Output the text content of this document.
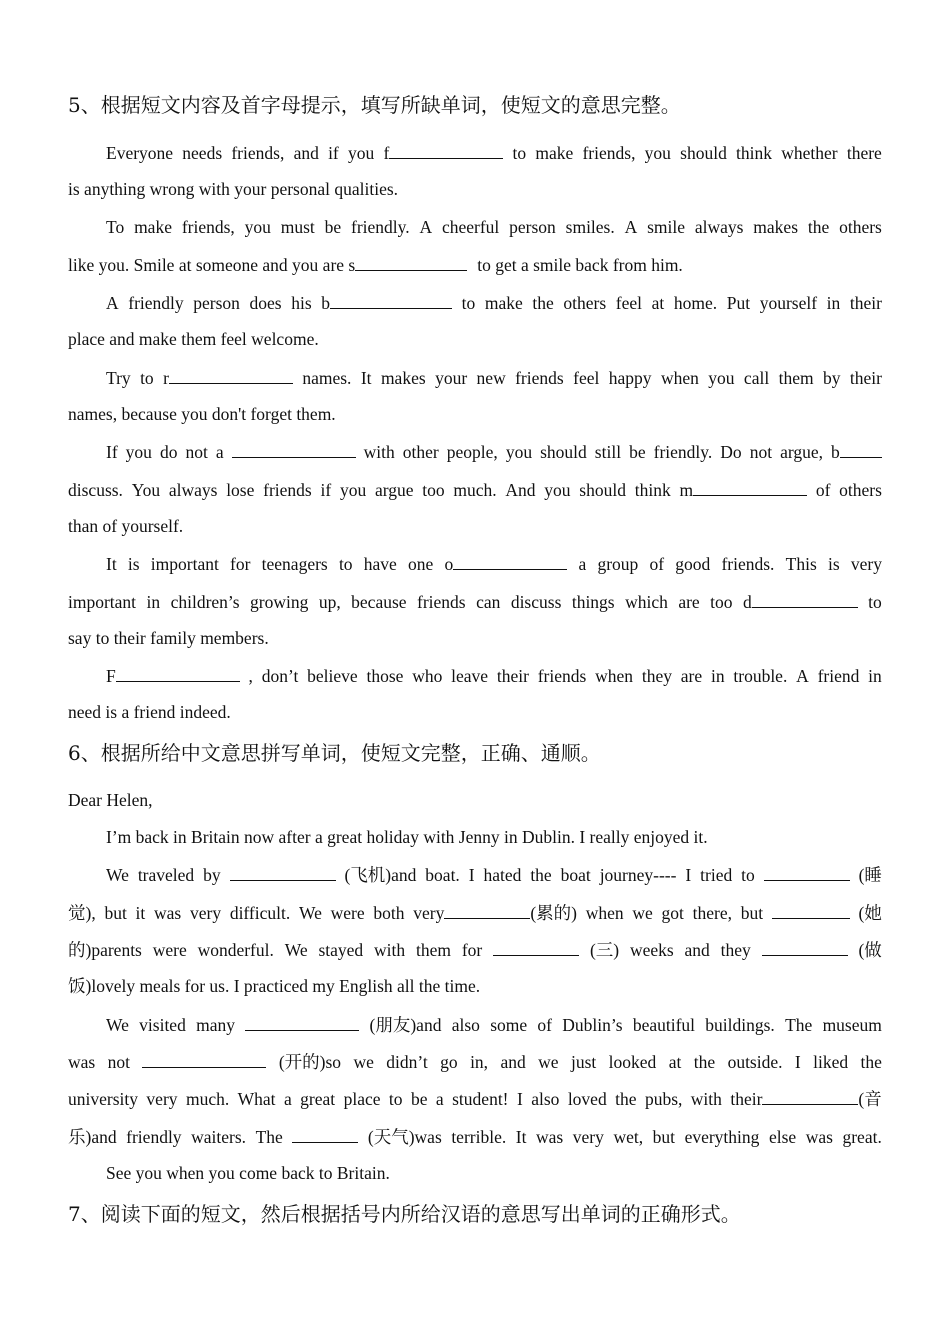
5、根据短文内容及首字母提示，填写所缺单词，使短文的意思完整。
Everyone needs friends, and if you f	to make friends, you should think whether there
is anything wrong with your personal qualities.
To make friends, you must be friendly. A cheerful person smiles. A smile always makes the others
like you. Smile at someone and you are s	to get a smile back from him.
A friendly person does his b	to make the others feel at home. Put yourself in their
place and make them feel welcome.
Try to r	names. It makes your new friends feel happy when you call them by their
names, because you don't forget them.
If you do not a	with other people, you should still be friendly. Do not argue, b
discuss. You always lose friends if you argue too much. And you should think m	of others
than of yourself.
It is important for teenagers to have one o	a group of good friends. This is very
important in children’s growing up, because friends can discuss things which are too d	to
say to their family members.
F	, don’t believe those who leave their friends when they are in trouble. A friend in
need is a friend indeed.
6、根据所给中文意思拼写单词，使短文完整，正确、通顺。
Dear Helen,
I’m back in Britain now after a great holiday with Jenny in Dublin. I really enjoyed it.
We traveled by	(飞机)and boat. I hated the boat journey---- I tried to	(睡
觉), but it was very difficult. We were both very	(累的) when we got there, but	(她
的)parents were wonderful. We stayed with them for	(三) weeks and they	(做
饭)lovely meals for us. I practiced my English all the time.
We visited many	(朋友)and also some of Dublin’s beautiful buildings. The museum
was not	(开的)so we didn’t go in, and we just looked at the outside. I liked the
university very much. What a great place to be a student! I also loved the pubs, with their	(音
乐)and friendly waiters. The	(天气)was terrible. It was very wet, but everything else was great.
See you when you come back to Britain.
7、阅读下面的短文，然后根据括号内所给汉语的意思写出单词的正确形式。
